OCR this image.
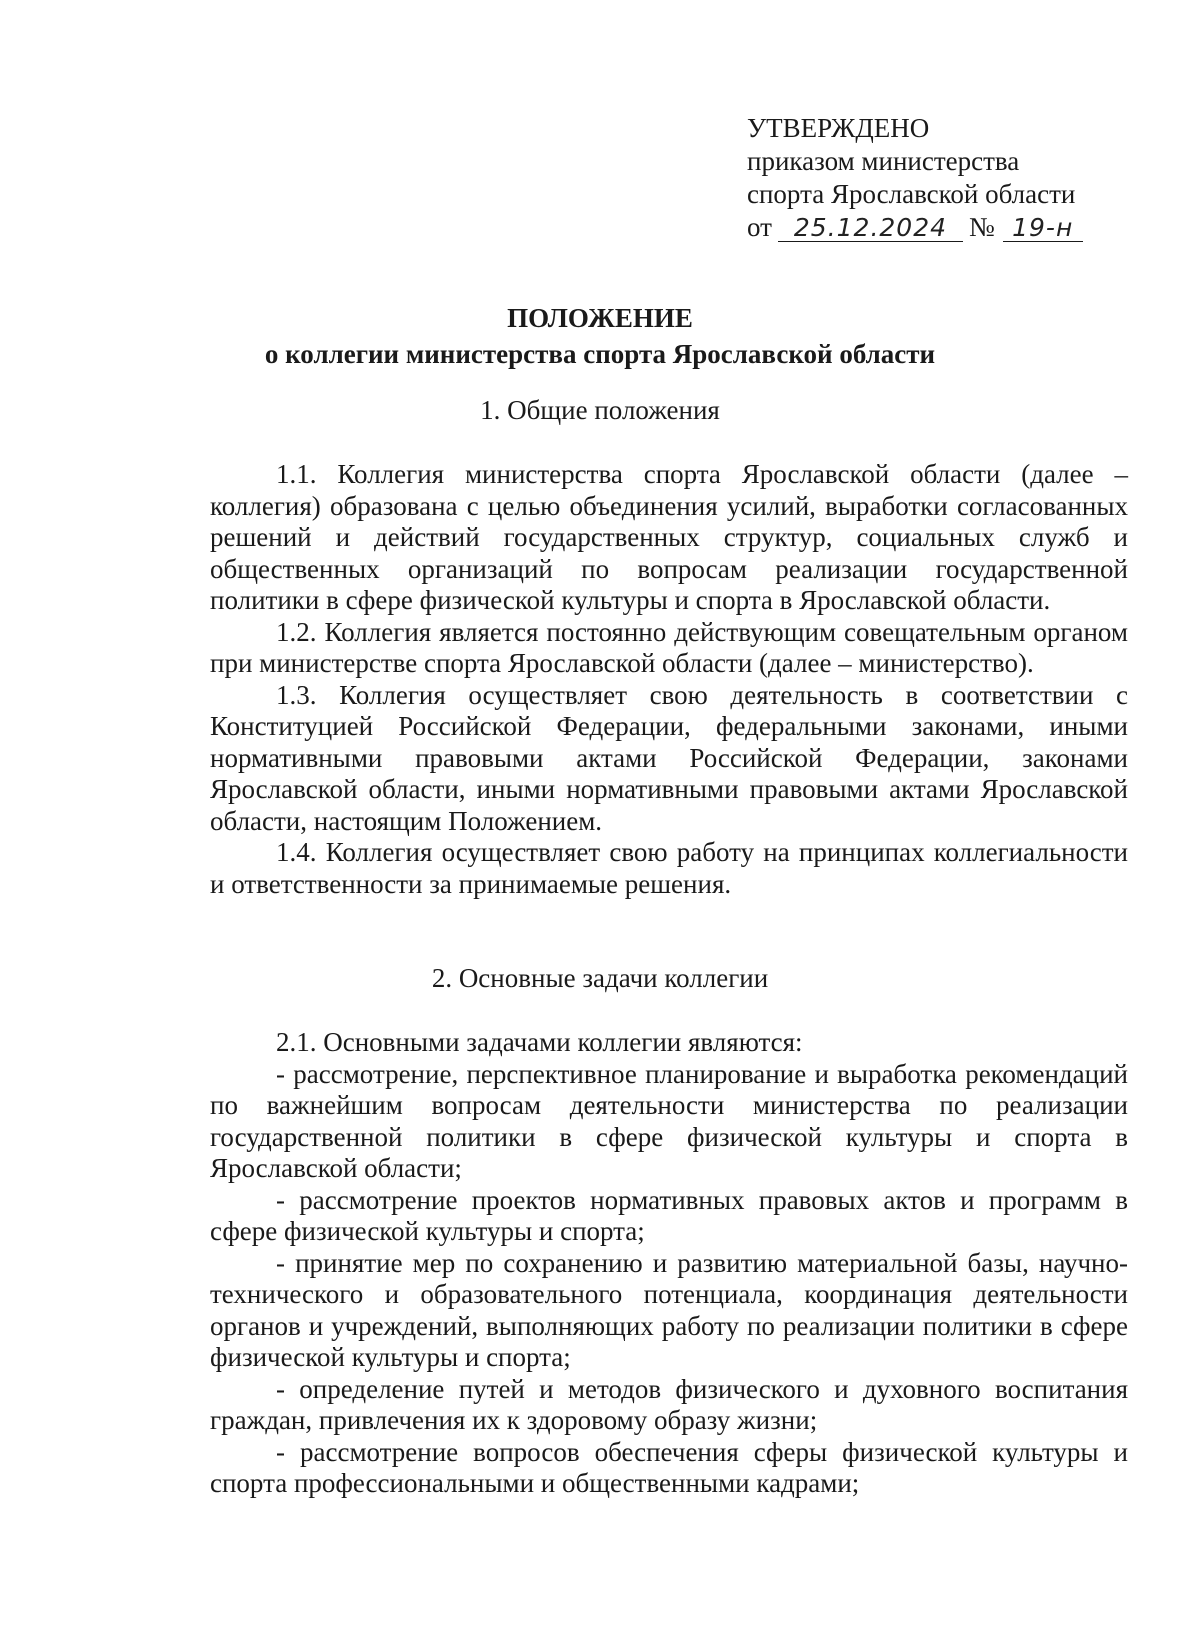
УТВЕРЖДЕНО
приказом министерства
спорта Ярославской области
от 25.12.2024 № 19-н
ПОЛОЖЕНИЕ
о коллегии министерства спорта Ярославской области
1. Общие положения

1.1. Коллегия министерства спорта Ярославской области (далее – коллегия) образована с целью объединения усилий, выработки согласованных решений и действий государственных структур, социальных служб и общественных организаций по вопросам реализации государственной политики в сфере физической культуры и спорта в Ярославской области.

1.2. Коллегия является постоянно действующим совещательным органом при министерстве спорта Ярославской области (далее – министерство).

1.3. Коллегия осуществляет свою деятельность в соответствии с Конституцией Российской Федерации, федеральными законами, иными нормативными правовыми актами Российской Федерации, законами Ярославской области, иными нормативными правовыми актами Ярославской области, настоящим Положением.

1.4. Коллегия осуществляет свою работу на принципах коллегиальности и ответственности за принимаемые решения.

2. Основные задачи коллегии

2.1. Основными задачами коллегии являются:

- рассмотрение, перспективное планирование и выработка рекомендаций по важнейшим вопросам деятельности министерства по реализации государственной политики в сфере физической культуры и спорта в Ярославской области;

- рассмотрение проектов нормативных правовых актов и программ в сфере физической культуры и спорта;

- принятие мер по сохранению и развитию материальной базы, научно-технического и образовательного потенциала, координация деятельности органов и учреждений, выполняющих работу по реализации политики в сфере физической культуры и спорта;

- определение путей и методов физического и духовного воспитания граждан, привлечения их к здоровому образу жизни;

- рассмотрение вопросов обеспечения сферы физической культуры и спорта профессиональными и общественными кадрами;
